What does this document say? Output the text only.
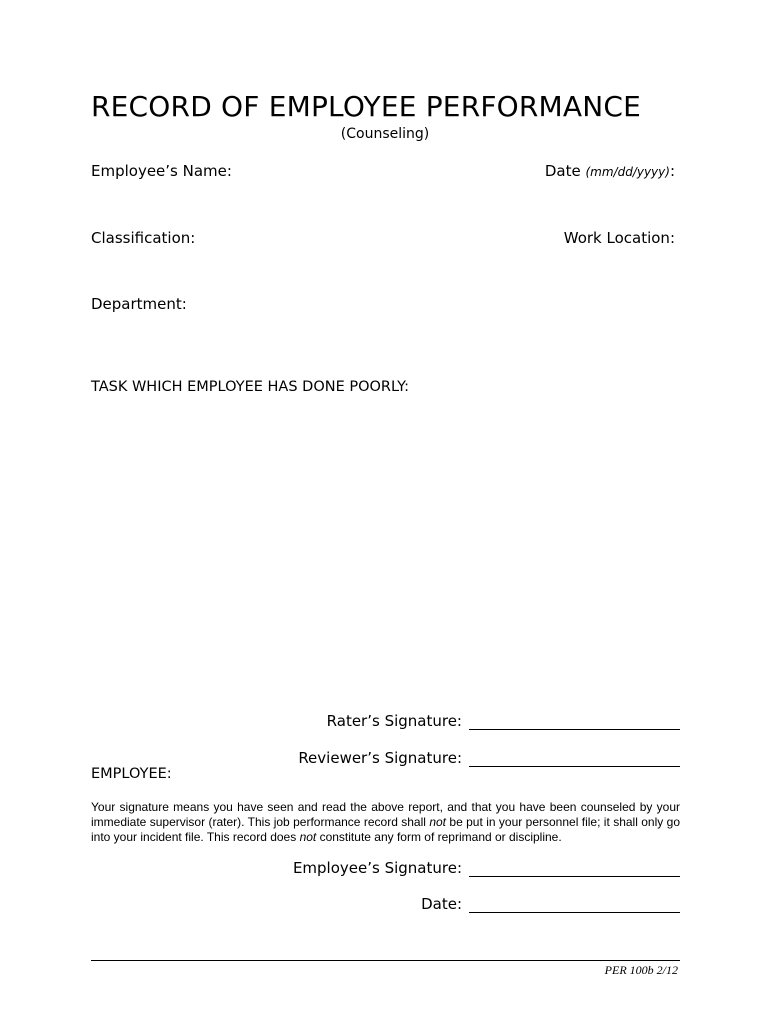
RECORD OF EMPLOYEE PERFORMANCE
(Counseling)
Employee’s Name:	Date (mm/dd/yyyy):
Classification:	Work Location:
Department:
TASK WHICH EMPLOYEE HAS DONE POORLY:
Rater’s Signature:
Reviewer’s Signature:
EMPLOYEE:
Your signature means you have seen and read the above report, and that you have been counseled by your immediate supervisor (rater). This job performance record shall not be put in your personnel file; it shall only go into your incident file. This record does not constitute any form of reprimand or discipline.
Employee’s Signature:
Date:
PER 100b 2/12
